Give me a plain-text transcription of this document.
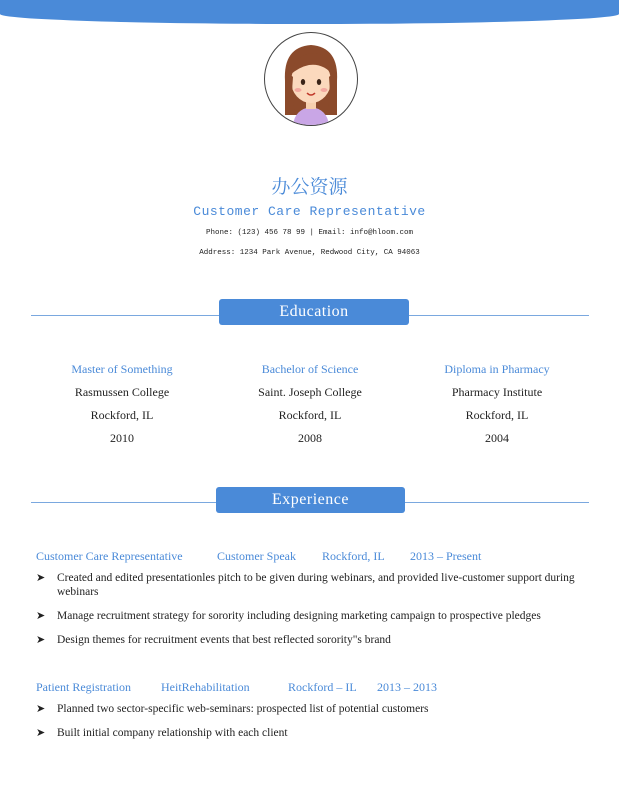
办公资源
Customer Care Representative
Phone: (123) 456 78 99 | Email: info@hloom.com
Address: 1234 Park Avenue, Redwood City, CA 94063
Education
Master of Something
Rasmussen College
Rockford, IL
2010
Bachelor of Science
Saint. Joseph College
Rockford, IL
2008
Diploma in Pharmacy
Pharmacy Institute
Rockford, IL
2004
Experience
Customer Care Representative	Customer Speak Rockford, IL 2013 – Present
➤ Created and edited presentationles pitch to be given during webinars, and provided live-customer support during webinars
➤ Manage recruitment strategy for sorority including designing marketing campaign to prospective pledges
➤ Design themes for recruitment events that best reflected sorority"s brand
Patient Registration	HeitRehabilitation	Rockford – IL 2013 – 2013
➤ Planned two sector-specific web-seminars: prospected list of potential customers
➤ Built initial company relationship with each client
